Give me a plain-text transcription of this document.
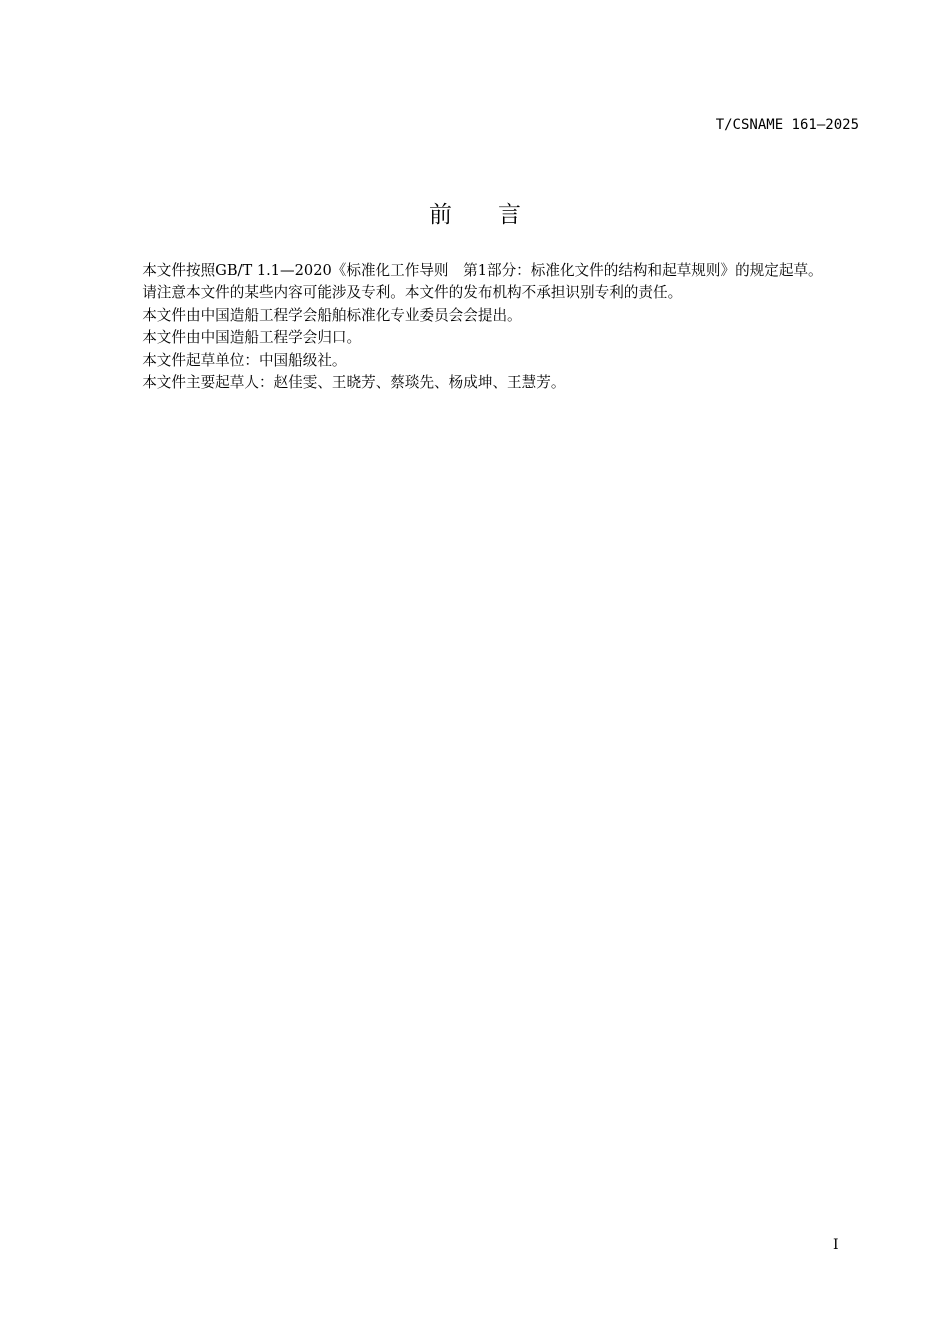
T/CSNAME 161—2025
前 言

本文件按照GB/T 1.1—2020《标准化工作导则　第1部分：标准化文件的结构和起草规则》的规定起草。

请注意本文件的某些内容可能涉及专利。本文件的发布机构不承担识别专利的责任。

本文件由中国造船工程学会船舶标准化专业委员会会提出。

本文件由中国造船工程学会归口。

本文件起草单位：中国船级社。

本文件主要起草人：赵佳雯、王晓芳、蔡琰先、杨成坤、王慧芳。

I
